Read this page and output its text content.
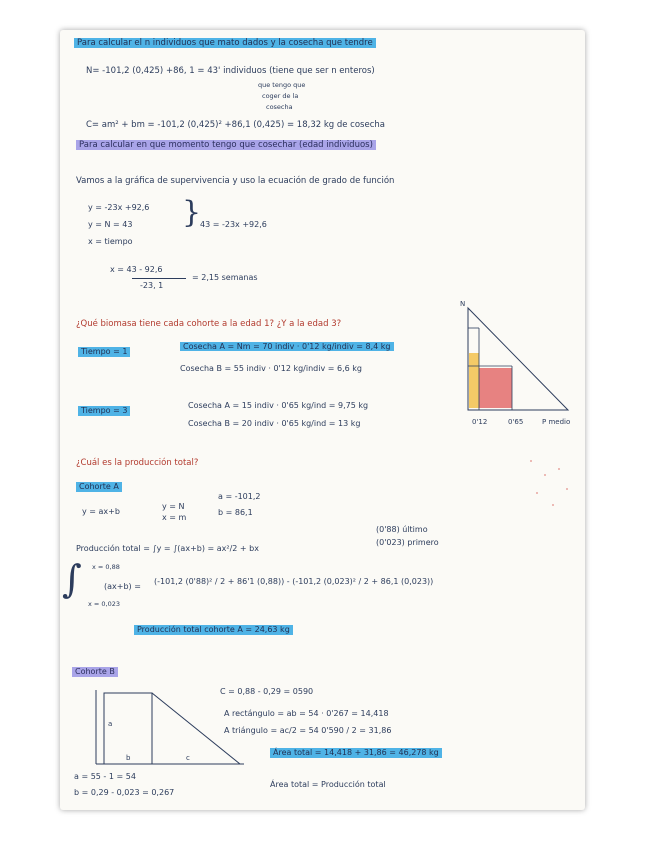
Para calcular el n individuos que mato dados y la cosecha que tendre
N= -101,2 (0,425) +86, 1 = 43' individuos (tiene que ser n enteros)
que tengo que
coger de la
cosecha
C= am² + bm = -101,2 (0,425)² +86,1 (0,425) = 18,32 kg de cosecha
Para calcular en que momento tengo que cosechar (edad individuos)
Vamos a la gráfica de supervivencia y uso la ecuación de grado de función
y = -23x +92,6
y = N = 43
x = tiempo
}
43 = -23x +92,6
x = 43 - 92,6
-23, 1
= 2,15 semanas
¿Qué biomasa tiene cada cohorte a la edad 1? ¿Y a la edad 3?
Tiempo = 1
Cosecha A = Nm = 70 indiv · 0'12 kg/indiv = 8,4 kg
Cosecha B = 55 indiv · 0'12 kg/indiv = 6,6 kg
Tiempo = 3
Cosecha A = 15 indiv · 0'65 kg/ind = 9,75 kg
Cosecha B = 20 indiv · 0'65 kg/ind = 13 kg
N
0'12	0'65	P medio
¿Cuál es la producción total?
Cohorte A
y = ax+b
y = N
x = m
a = -101,2
b = 86,1
(0'88) último
(0'023) primero
Producción total = ∫y = ∫(ax+b) = ax²/2 + bx
∫ x = 0,88
x = 0,023
(ax+b) =
(-101,2 (0'88)² / 2 + 86'1 (0,88)) - (-101,2 (0,023)² / 2 + 86,1 (0,023))
Producción total cohorte A = 24,63 kg
Cohorte B
a
b	c
C = 0,88 - 0,29 = 0590
A rectángulo = ab = 54 · 0'267 = 14,418
A triángulo = ac/2 = 54 0'590 / 2 = 31,86
Área total = 14,418 + 31,86 = 46,278 kg
a = 55 - 1 = 54
b = 0,29 - 0,023 = 0,267
Área total = Producción total
